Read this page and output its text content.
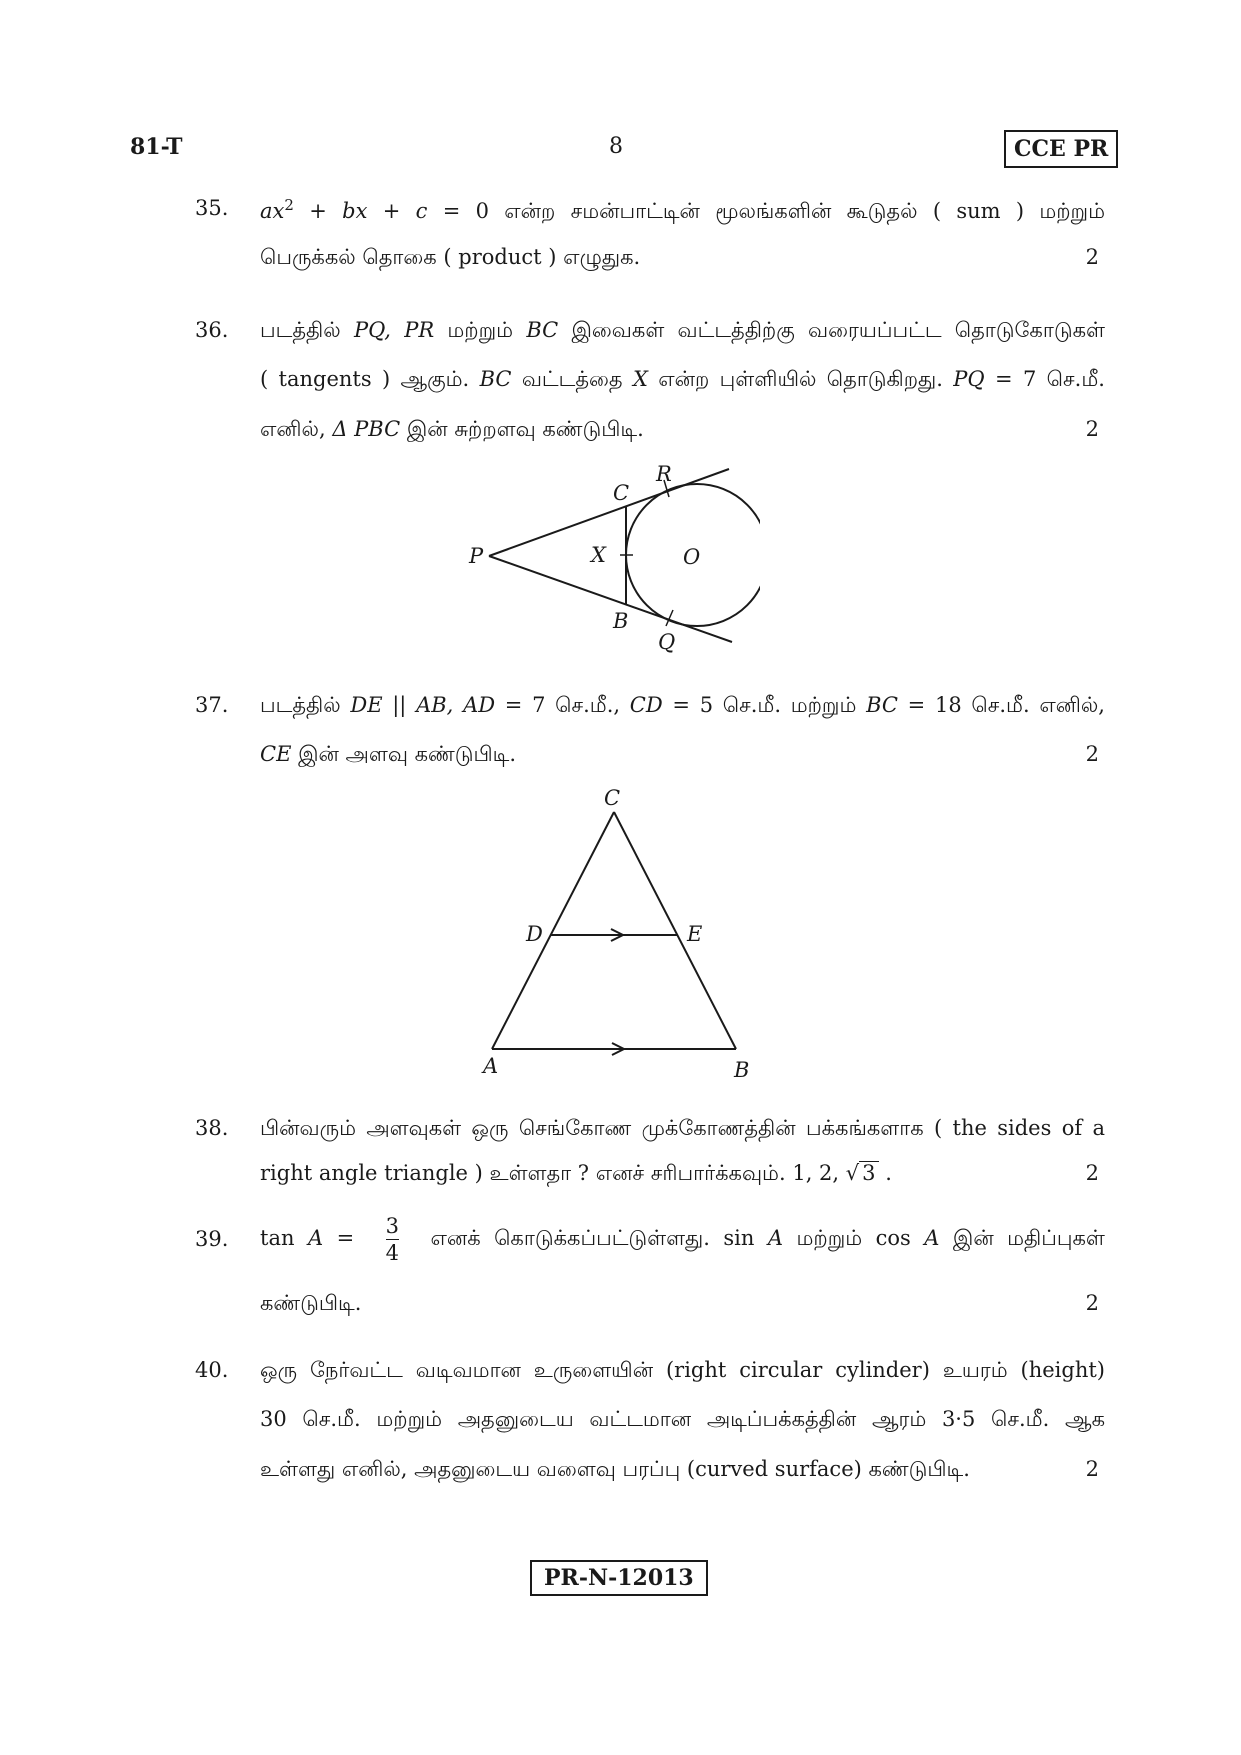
81-T	8	CCE PR
35. $ax^2$ + bx + c = 0 என்ற சமன்பாட்டின் மூலங்களின் கூடுதல் ( sum ) மற்றும்
பெருக்கல் தொகை ( product ) எழுதுக.	2
36. படத்தில் PQ, PR மற்றும் BC இவைகள் வட்டத்திற்கு வரையப்பட்ட தொடுகோடுகள்
( tangents ) ஆகும். BC வட்டத்தை X என்ற புள்ளியில் தொடுகிறது. PQ = 7 செ.மீ.
எனில், Δ PBC இன் சுற்றளவு கண்டுபிடி.	2
P
C
R
X	O
B
Q
37. படத்தில் DE || AB, AD = 7 செ.மீ., CD = 5 செ.மீ. மற்றும் BC = 18 செ.மீ. எனில்,
CE இன் அளவு கண்டுபிடி.	2
C
D	E
A	B
38. பின்வரும் அளவுகள் ஒரு செங்கோண முக்கோணத்தின் பக்கங்களாக ( the sides of a
right angle triangle ) உள்ளதா ? எனச் சரிபார்க்கவும். 1, 2, √ 3 .	2
39. $\tan A = \frac{3}{4}$ எனக் கொடுக்கப்பட்டுள்ளது. sin A மற்றும் cos A இன் மதிப்புகள்
கண்டுபிடி.	2
40. ஒரு நேர்வட்ட வடிவமான உருளையின் (right circular cylinder) உயரம் (height)
30 செ.மீ. மற்றும் அதனுடைய வட்டமான அடிப்பக்கத்தின் ஆரம் 3·5 செ.மீ. ஆக
உள்ளது எனில், அதனுடைய வளைவு பரப்பு (curved surface) கண்டுபிடி.	2
PR-N-12013
